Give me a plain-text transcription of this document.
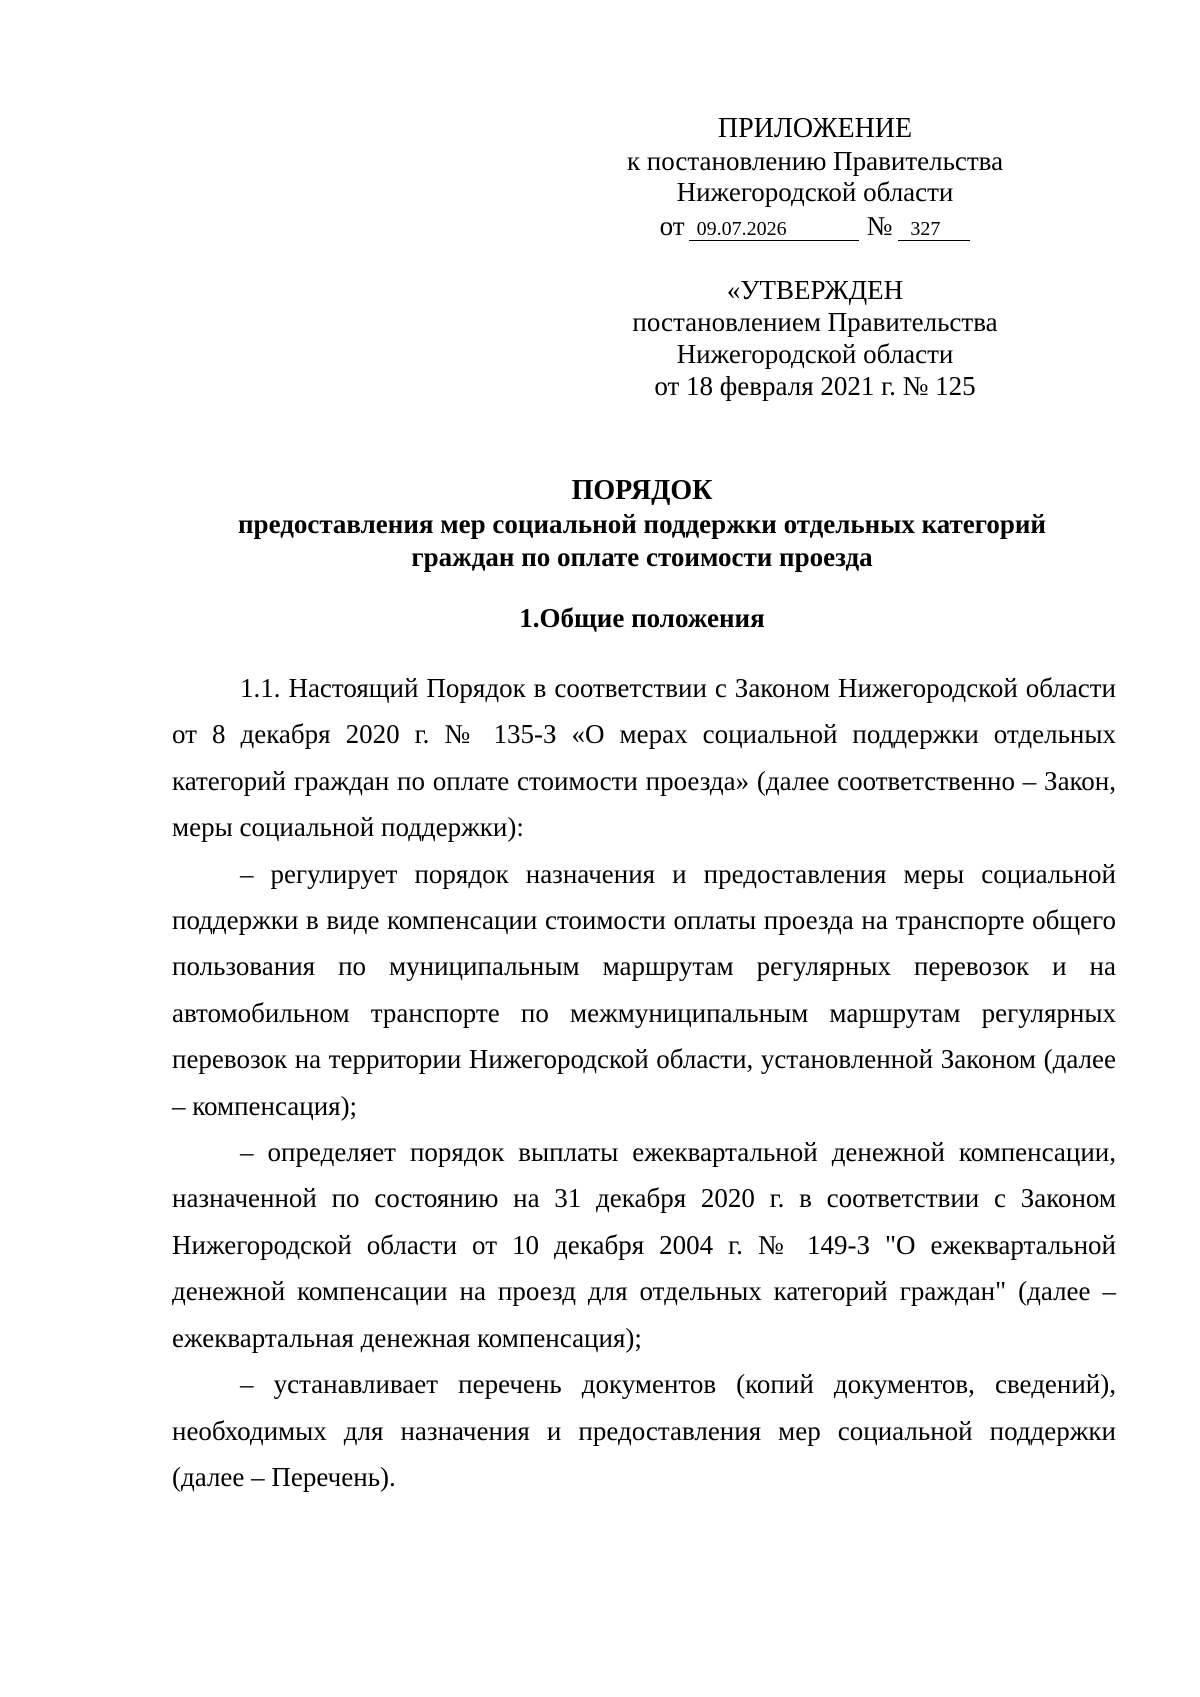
ПРИЛОЖЕНИЕ
к постановлению Правительства
Нижегородской области
от 09.07.2026	№ 327
«УТВЕРЖДЕН
постановлением Правительства
Нижегородской области
от 18 февраля 2021 г. № 125
ПОРЯДОК
предоставления мер социальной поддержки отдельных категорий
граждан по оплате стоимости проезда
1.Общие положения

1.1. Настоящий Порядок в соответствии с Законом Нижегородской области от 8 декабря 2020 г. № 135-З «О мерах социальной поддержки отдельных категорий граждан по оплате стоимости проезда» (далее соответственно – Закон, меры социальной поддержки):

– регулирует порядок назначения и предоставления меры социальной поддержки в виде компенсации стоимости оплаты проезда на транспорте общего пользования по муниципальным маршрутам регулярных перевозок и на автомобильном транспорте по межмуниципальным маршрутам регулярных перевозок на территории Нижегородской области, установленной Законом (далее – компенсация);

– определяет порядок выплаты ежеквартальной денежной компенсации, назначенной по состоянию на 31 декабря 2020 г. в соответствии с Законом Нижегородской области от 10 декабря 2004 г. № 149-З "О ежеквартальной денежной компенсации на проезд для отдельных категорий граждан" (далее – ежеквартальная денежная компенсация);

– устанавливает перечень документов (копий документов, сведений), необходимых для назначения и предоставления мер социальной поддержки (далее – Перечень).
